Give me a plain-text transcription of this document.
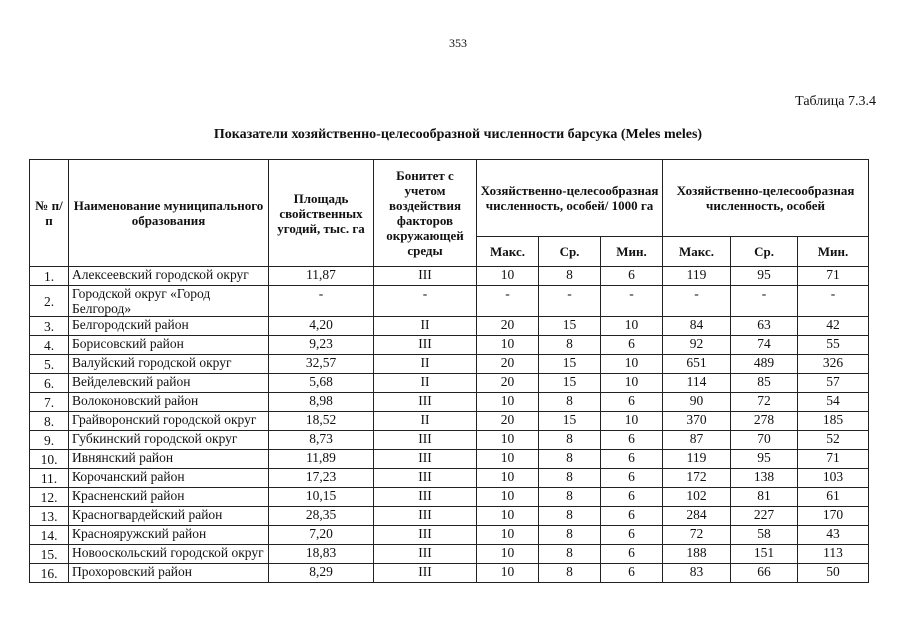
353
Таблица 7.3.4
Показатели хозяйственно-целесообразной численности барсука (Meles meles)
№ п/п	Наименование муниципального образования	Площадь свойственных угодий, тыс. га	Бонитет с учетом воздействия факторов окружающей среды	Хозяйственно-целесообразная численность, особей/ 1000 га			Хозяйственно-целесообразная численность, особей		
				Макс.	Ср.	Мин.	Макс.	Ср.	Мин.
1.	Алексеевский городской округ	11,87	III	10	8	6	119	95	71
2.	Городской округ «Город Белгород»	-	-	-	-	-	-	-	-
3.	Белгородский район	4,20	II	20	15	10	84	63	42
4.	Борисовский район	9,23	III	10	8	6	92	74	55
5.	Валуйский городской округ	32,57	II	20	15	10	651	489	326
6.	Вейделевский район	5,68	II	20	15	10	114	85	57
7.	Волоконовский район	8,98	III	10	8	6	90	72	54
8.	Грайворонский городской округ	18,52	II	20	15	10	370	278	185
9.	Губкинский городской округ	8,73	III	10	8	6	87	70	52
10.	Ивнянский район	11,89	III	10	8	6	119	95	71
11.	Корочанский район	17,23	III	10	8	6	172	138	103
12.	Красненский район	10,15	III	10	8	6	102	81	61
13.	Красногвардейский район	28,35	III	10	8	6	284	227	170
14.	Краснояружский район	7,20	III	10	8	6	72	58	43
15.	Новооскольский городской округ	18,83	III	10	8	6	188	151	113
16.	Прохоровский район	8,29	III	10	8	6	83	66	50
